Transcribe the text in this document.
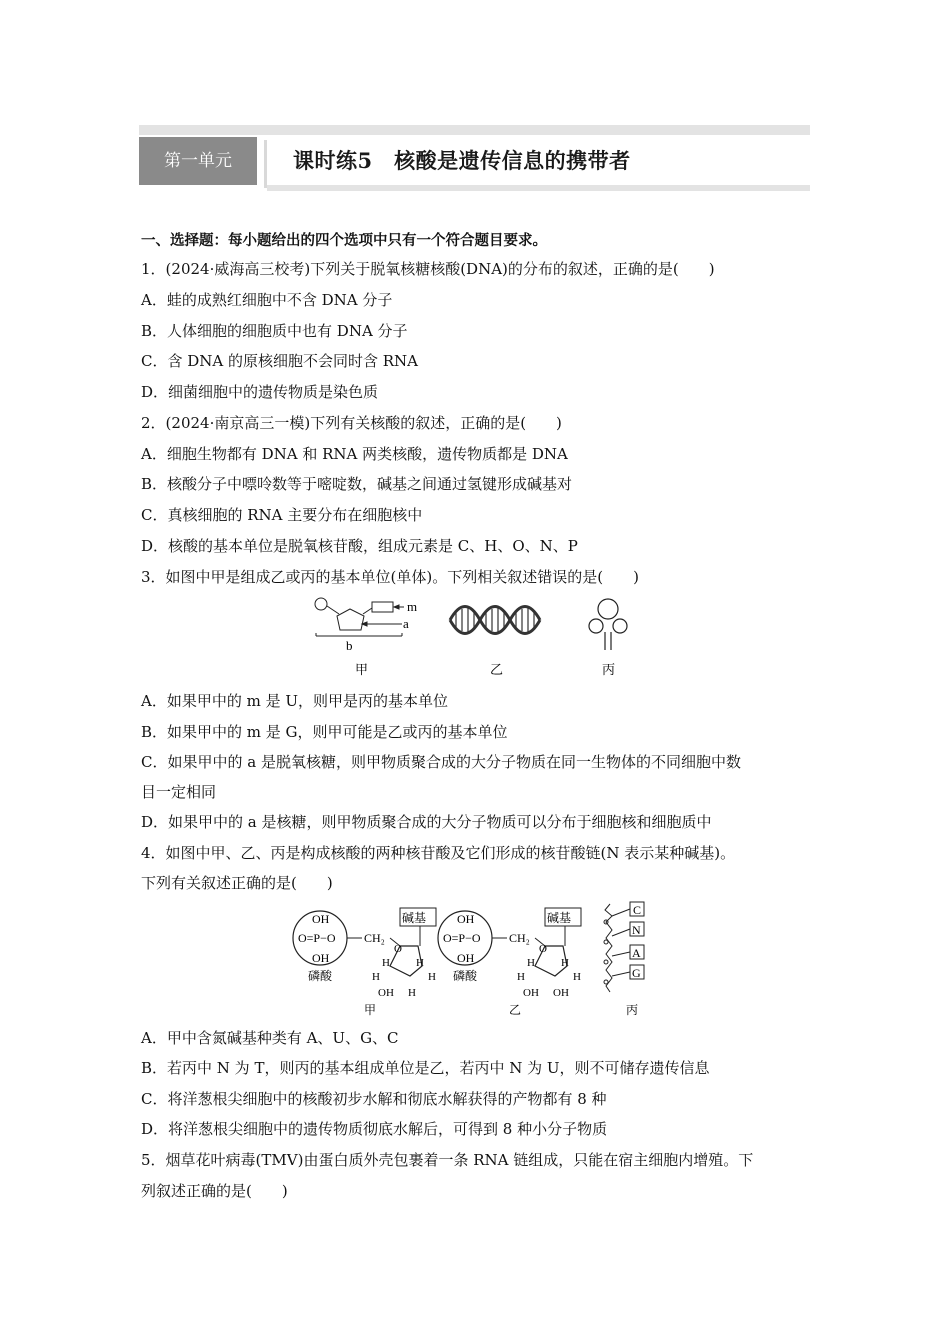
第一单元	课时练5　核酸是遗传信息的携带者
一、选择题：每小题给出的四个选项中只有一个符合题目要求。
1．(2024·威海高三校考)下列关于脱氧核糖核酸(DNA)的分布的叙述，正确的是(　　)
A．蛙的成熟红细胞中不含 DNA 分子
B．人体细胞的细胞质中也有 DNA 分子
C．含 DNA 的原核细胞不会同时含 RNA
D．细菌细胞中的遗传物质是染色质
2．(2024·南京高三一模)下列有关核酸的叙述，正确的是(　　)
A．细胞生物都有 DNA 和 RNA 两类核酸，遗传物质都是 DNA
B．核酸分子中嘌呤数等于嘧啶数，碱基之间通过氢键形成碱基对
C．真核细胞的 RNA 主要分布在细胞核中
D．核酸的基本单位是脱氧核苷酸，组成元素是 C、H、O、N、P
3．如图中甲是组成乙或丙的基本单位(单体)。下列相关叙述错误的是(　　)
m
a
b
甲	乙	丙
A．如果甲中的 m 是 U，则甲是丙的基本单位
B．如果甲中的 m 是 G，则甲可能是乙或丙的基本单位
C．如果甲中的 a 是脱氧核糖，则甲物质聚合成的大分子物质在同一生物体的不同细胞中数
目一定相同
D．如果甲中的 a 是核糖，则甲物质聚合成的大分子物质可以分布于细胞核和细胞质中
4．如图中甲、乙、丙是构成核酸的两种核苷酸及它们形成的核苷酸链(N 表示某种碱基)。
下列有关叙述正确的是(　　)
OH
O=P−O
OH
CH₂
O
碱基
H	H
H H
OH H
磷酸
甲
OH
O=P−O
OH
CH₂
O
碱基
H	H
H H
OH OH
磷酸
乙
C
N
A
G
丙
A．甲中含氮碱基种类有 A、U、G、C
B．若丙中 N 为 T，则丙的基本组成单位是乙，若丙中 N 为 U，则不可储存遗传信息
C．将洋葱根尖细胞中的核酸初步水解和彻底水解获得的产物都有 8 种
D．将洋葱根尖细胞中的遗传物质彻底水解后，可得到 8 种小分子物质
5．烟草花叶病毒(TMV)由蛋白质外壳包裹着一条 RNA 链组成，只能在宿主细胞内增殖。下
列叙述正确的是(　　)
